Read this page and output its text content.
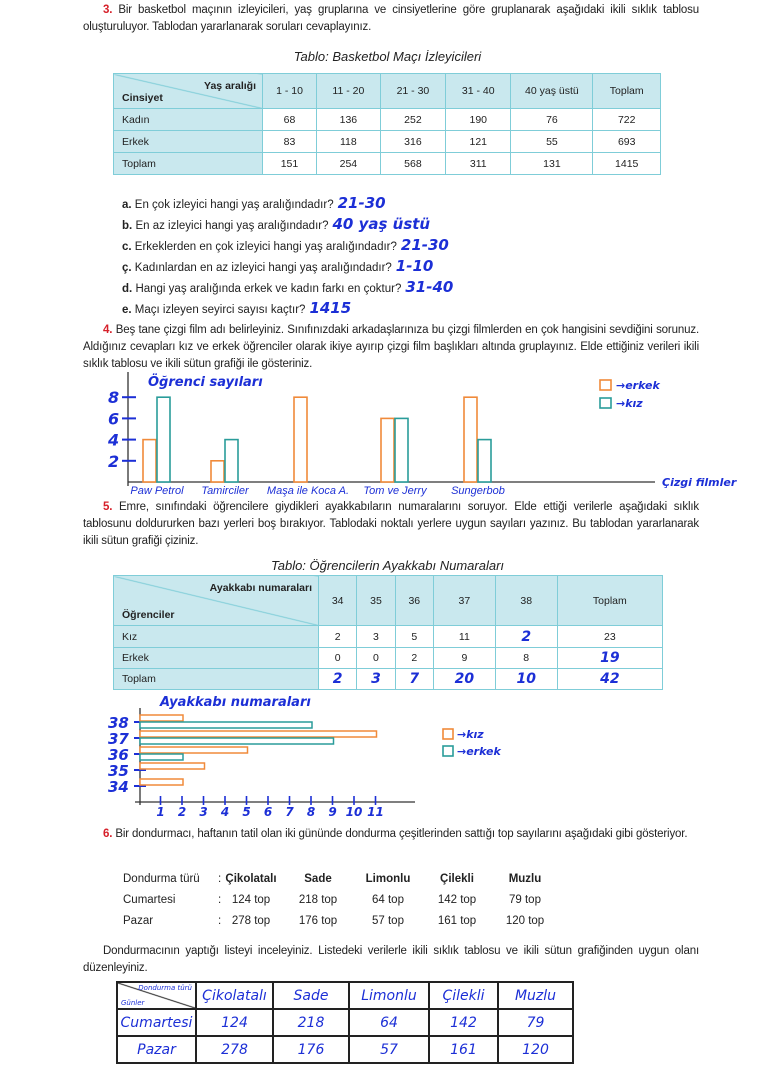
3. Bir basketbol maçının izleyicileri, yaş gruplarına ve cinsiyetlerine göre gruplanarak aşağıdaki ikili sıklık tablosu oluşturuluyor. Tablodan yararlanarak soruları cevaplayınız.
Tablo: Basketbol Maçı İzleyicileri
Yaş aralığı
Cinsiyet	1 - 10	11 - 20	21 - 30	31 - 40	40 yaş üstü	Toplam
Kadın	68	136	252	190	76	722
Erkek	83	118	316	121	55	693
Toplam	151	254	568	311	131	1415
a. En çok izleyici hangi yaş aralığındadır? 21-30
b. En az izleyici hangi yaş aralığındadır? 40 yaş üstü
c. Erkeklerden en çok izleyici hangi yaş aralığındadır? 21-30
ç. Kadınlardan en az izleyici hangi yaş aralığındadır? 1-10
d. Hangi yaş aralığında erkek ve kadın farkı en çoktur? 31-40
e. Maçı izleyen seyirci sayısı kaçtır? 1415
4. Beş tane çizgi film adı belirleyiniz. Sınıfınızdaki arkadaşlarınıza bu çizgi filmlerden en çok hangisini sevdiğini sorunuz. Aldığınız cevapları kız ve erkek öğrenciler olarak ikiye ayırıp çizgi film başlıkları altında gruplayınız. Elde ettiğiniz verileri ikili sıklık tablosu ve ikili sütun grafiği ile gösteriniz.
Öğrenci sayıları
Çizgi filmler
2
4
6
8
Paw Petrol Tamirciler Maşa ile Koca A. Tom ve Jerry Sungerbob
→erkek
→kız
5. Emre, sınıfındaki öğrencilere giydikleri ayakkabıların numaralarını soruyor. Elde ettiği verilerle aşağıdaki sıklık tablosunu doldururken bazı yerleri boş bırakıyor. Tablodaki noktalı yerlere uygun sayıları yazınız. Bu tablodan yararlanarak ikili sütun grafiği çiziniz.
Tablo: Öğrencilerin Ayakkabı Numaraları
Ayakkabı numaraları
Öğrenciler	34	35	36	37	38	Toplam
Kız	2	3	5	11	2	23
Erkek	0	0	2	9	8	19
Toplam	2	3	7	20	10	42
Ayakkabı numaraları
38
37
36
35
34
1 2 3 4 5 6 7 8 9 10 11
→kız
→erkek
6. Bir dondurmacı, haftanın tatil olan iki gününde dondurma çeşitlerinden sattığı top sayılarını aşağıdaki gibi gösteriyor.
Dondurma türü : Çikolatalı	Sade	Limonlu	Çilekli	Muzlu
Cumartesi	: 124 top	218 top	64 top	142 top	79 top
Pazar	: 278 top	176 top	57 top	161 top	120 top
Dondurmacının yaptığı listeyi inceleyiniz. Listedeki verilerle ikili sıklık tablosu ve ikili sütun grafiğinden uygun olanı düzenleyiniz.
Dondurma türü
Günler	Çikolatalı	Sade	Limonlu	Çilekli	Muzlu
Cumartesi	124	218	64	142	79
Pazar	278	176	57	161	120
